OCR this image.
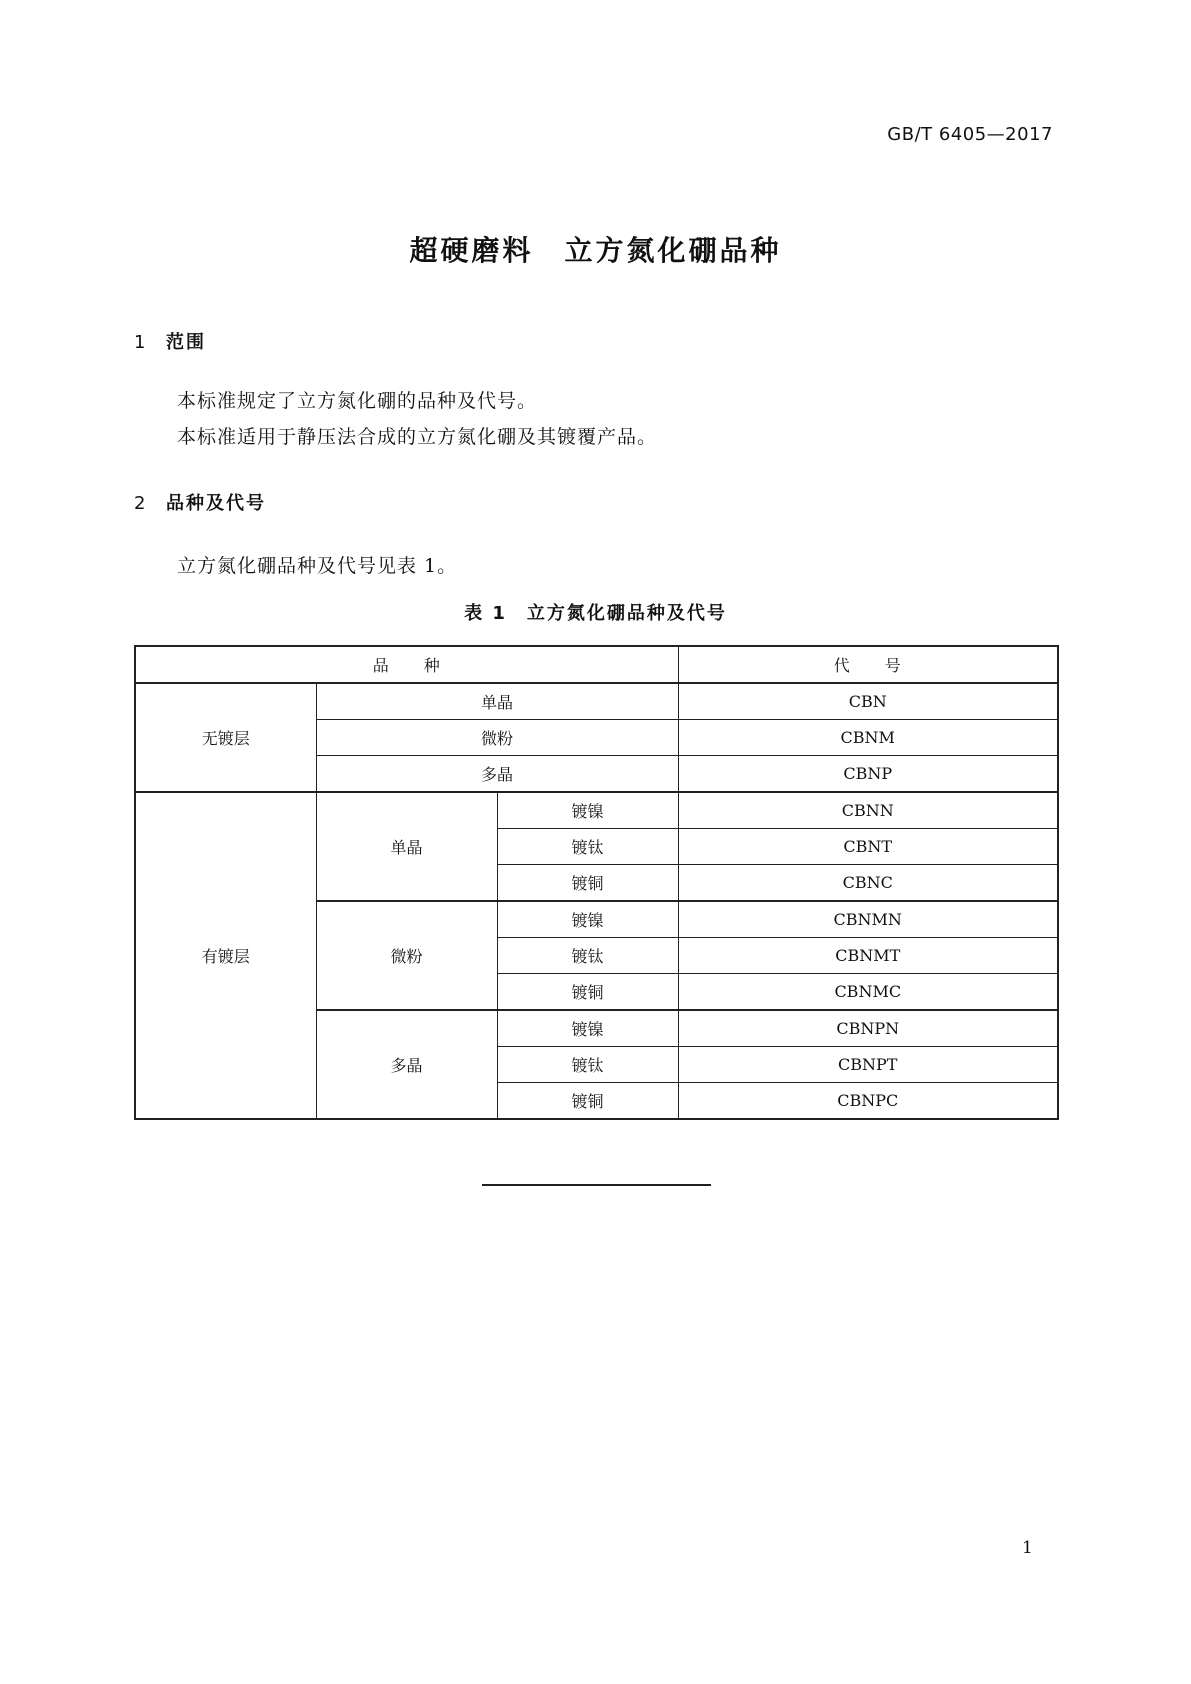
GB/T 6405—2017
超硬磨料　立方氮化硼品种
1 范围
本标准规定了立方氮化硼的品种及代号。
本标准适用于静压法合成的立方氮化硼及其镀覆产品。
2 品种及代号
立方氮化硼品种及代号见表 1。
表 1　立方氮化硼品种及代号
品　　种			代　　号
无镀层	单晶		CBN
	微粉		CBNM
	多晶		CBNP
有镀层	单晶	镀镍	CBNN
		镀钛	CBNT
		镀铜	CBNC
	微粉	镀镍	CBNMN
		镀钛	CBNMT
		镀铜	CBNMC
	多晶	镀镍	CBNPN
		镀钛	CBNPT
		镀铜	CBNPC
1
